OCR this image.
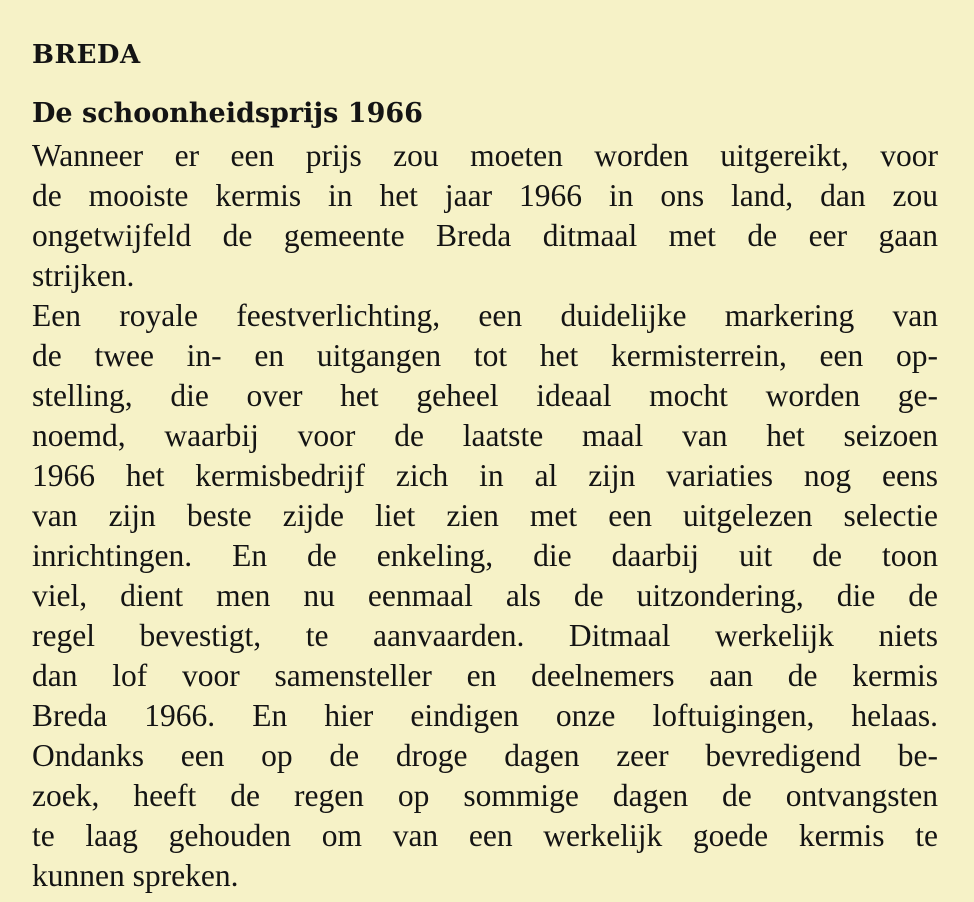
BREDA
De schoonheidsprijs 1966
Wanneer er een prijs zou moeten worden uitgereikt, voor
de mooiste kermis in het jaar 1966 in ons land, dan zou
ongetwijfeld de gemeente Breda ditmaal met de eer gaan
strijken.
Een royale feestverlichting, een duidelijke markering van
de twee in- en uitgangen tot het kermisterrein, een op-
stelling, die over het geheel ideaal mocht worden ge-
noemd, waarbij voor de laatste maal van het seizoen
1966 het kermisbedrijf zich in al zijn variaties nog eens
van zijn beste zijde liet zien met een uitgelezen selectie
inrichtingen. En de enkeling, die daarbij uit de toon
viel, dient men nu eenmaal als de uitzondering, die de
regel bevestigt, te aanvaarden. Ditmaal werkelijk niets
dan lof voor samensteller en deelnemers aan de kermis
Breda 1966. En hier eindigen onze loftuigingen, helaas.
Ondanks een op de droge dagen zeer bevredigend be-
zoek, heeft de regen op sommige dagen de ontvangsten
te laag gehouden om van een werkelijk goede kermis te
kunnen spreken.
